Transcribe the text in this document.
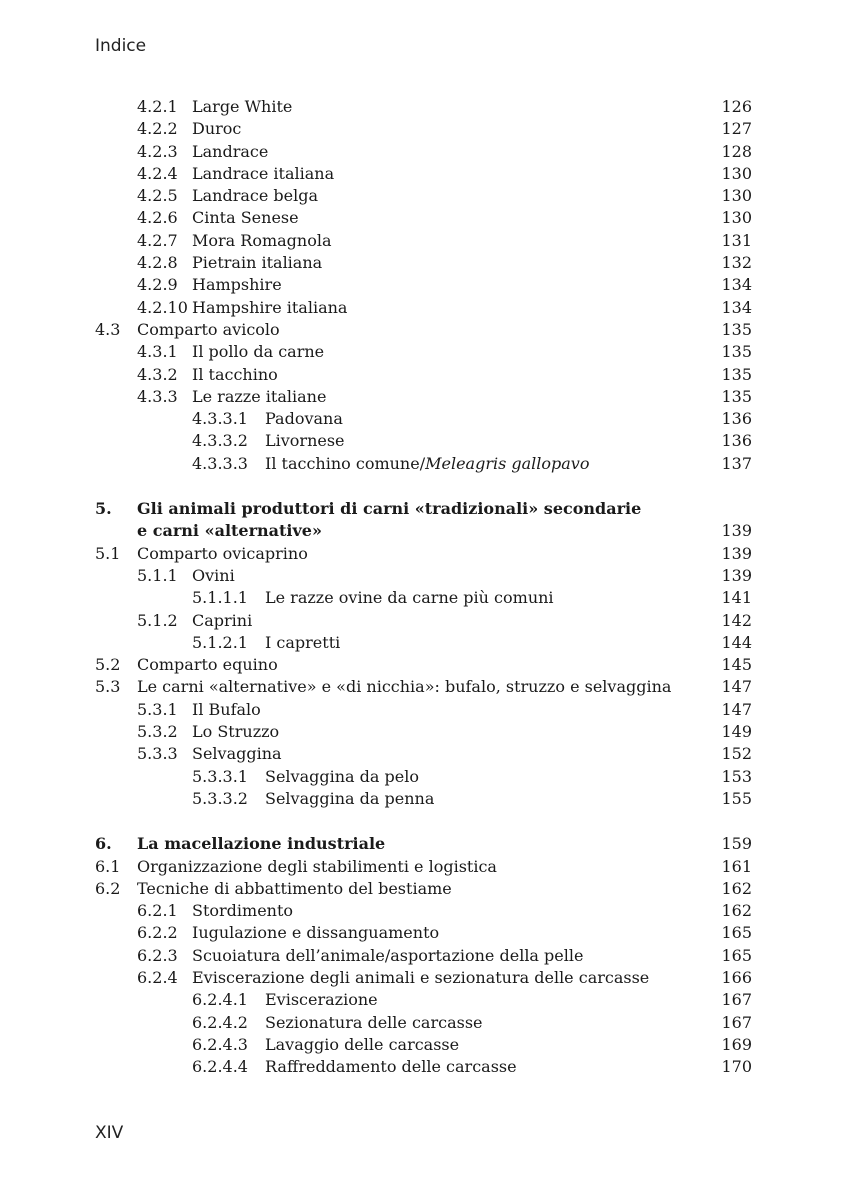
Indice
4.2.1 Large White	126
4.2.2 Duroc	127
4.2.3 Landrace	128
4.2.4 Landrace italiana	130
4.2.5 Landrace belga	130
4.2.6 Cinta Senese	130
4.2.7 Mora Romagnola	131
4.2.8 Pietrain italiana	132
4.2.9 Hampshire	134
4.2.10 Hampshire italiana	134
4.3 Comparto avicolo	135
4.3.1 Il pollo da carne	135
4.3.2 Il tacchino	135
4.3.3 Le razze italiane	135
4.3.3.1 Padovana	136
4.3.3.2 Livornese	136
4.3.3.3 Il tacchino comune/Meleagris gallopavo	137
5. Gli animali produttori di carni «tradizionali» secondarie
e carni «alternative»	139
5.1 Comparto ovicaprino	139
5.1.1 Ovini	139
5.1.1.1 Le razze ovine da carne più comuni	141
5.1.2 Caprini	142
5.1.2.1 I capretti	144
5.2 Comparto equino	145
5.3 Le carni «alternative» e «di nicchia»: bufalo, struzzo e selvaggina	147
5.3.1 Il Bufalo	147
5.3.2 Lo Struzzo	149
5.3.3 Selvaggina	152
5.3.3.1 Selvaggina da pelo	153
5.3.3.2 Selvaggina da penna	155
6. La macellazione industriale	159
6.1 Organizzazione degli stabilimenti e logistica	161
6.2 Tecniche di abbattimento del bestiame	162
6.2.1 Stordimento	162
6.2.2 Iugulazione e dissanguamento	165
6.2.3 Scuoiatura dell’animale/asportazione della pelle	165
6.2.4 Eviscerazione degli animali e sezionatura delle carcasse	166
6.2.4.1 Eviscerazione	167
6.2.4.2 Sezionatura delle carcasse	167
6.2.4.3 Lavaggio delle carcasse	169
6.2.4.4 Raffreddamento delle carcasse	170
XIV
